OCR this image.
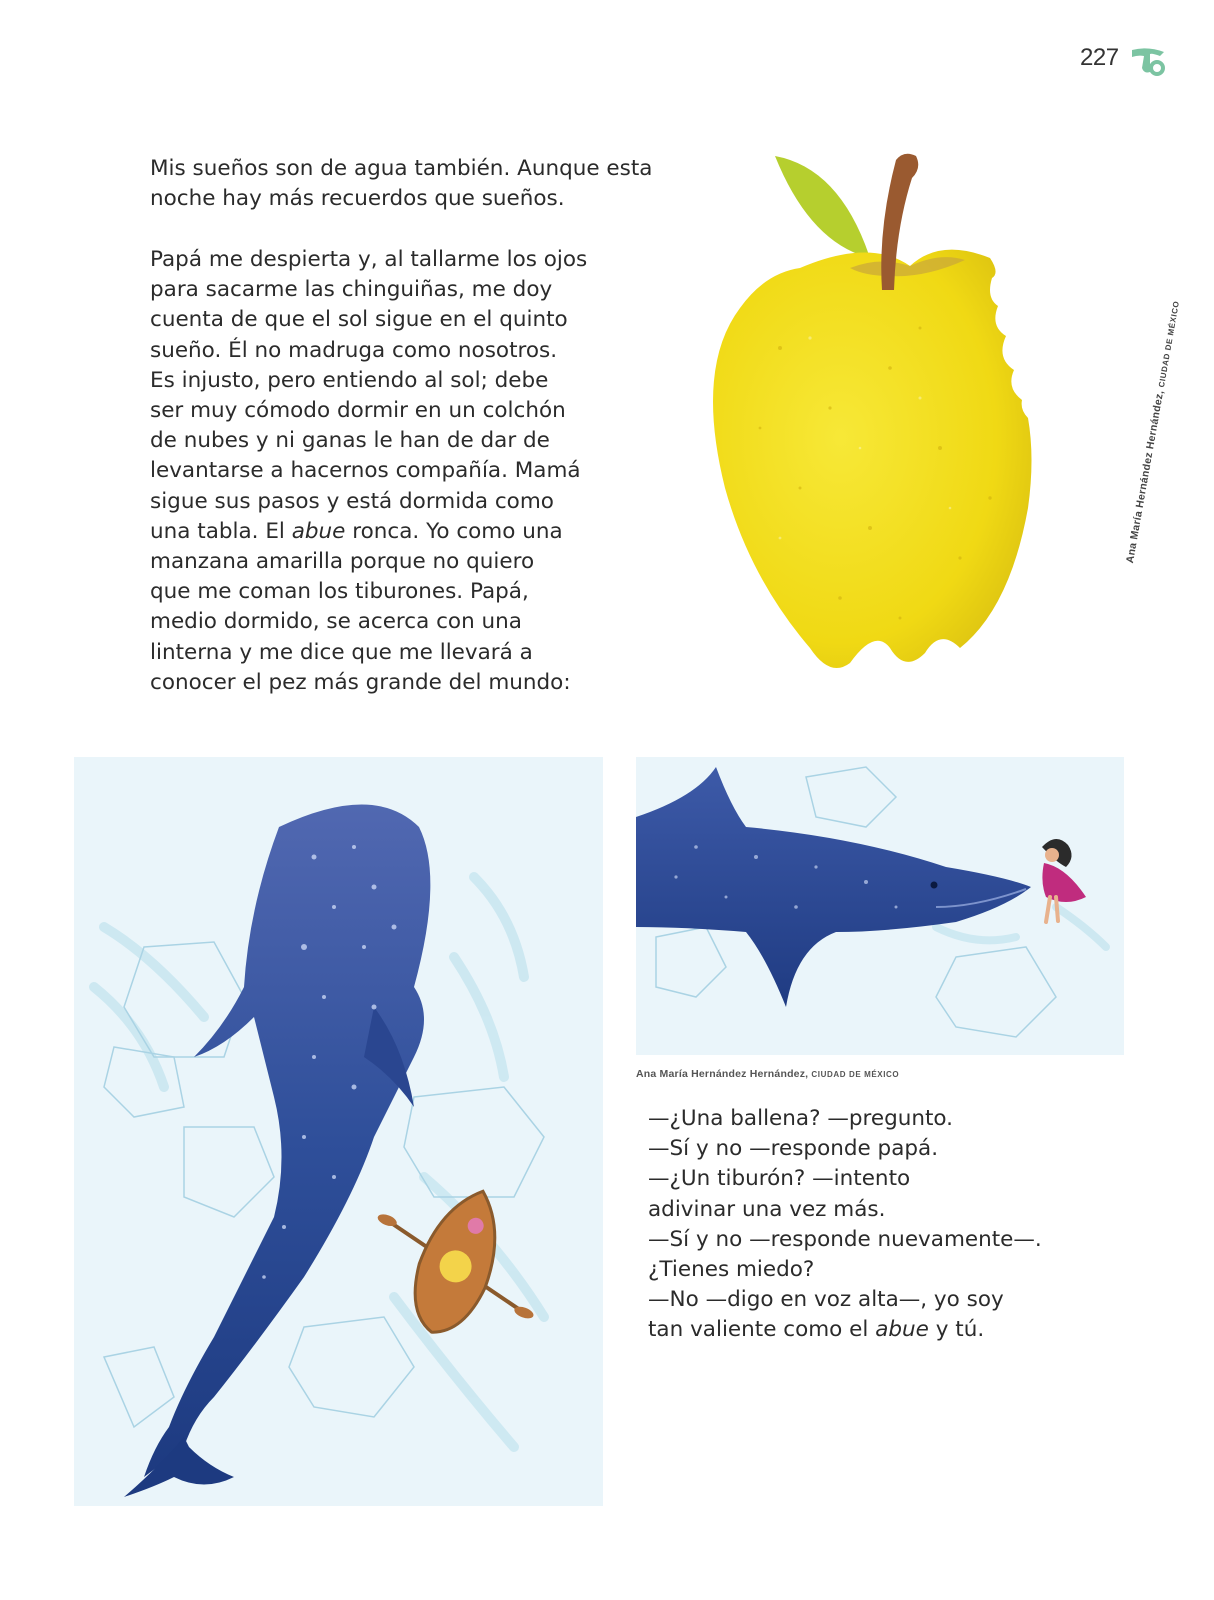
227

Mis sueños son de agua también. Aunque esta
noche hay más recuerdos que sueños.

Papá me despierta y, al tallarme los ojos
para sacarme las chinguiñas, me doy
cuenta de que el sol sigue en el quinto
sueño. Él no madruga como nosotros.
Es injusto, pero entiendo al sol; debe
ser muy cómodo dormir en un colchón
de nubes y ni ganas le han de dar de
levantarse a hacernos compañía. Mamá
sigue sus pasos y está dormida como
una tabla. El abue ronca. Yo como una
manzana amarilla porque no quiero
que me coman los tiburones. Papá,
medio dormido, se acerca con una
linterna y me dice que me llevará a
conocer el pez más grande del mundo:

Ana María Hernández Hernández, CIUDAD DE MÉXICO
Ana María Hernández Hernández, CIUDAD DE MÉXICO

—¿Una ballena? —pregunto.
—Sí y no —responde papá.
—¿Un tiburón? —intento
adivinar una vez más.
—Sí y no —responde nuevamente—.
¿Tienes miedo?
—No —digo en voz alta—, yo soy
tan valiente como el abue y tú.
